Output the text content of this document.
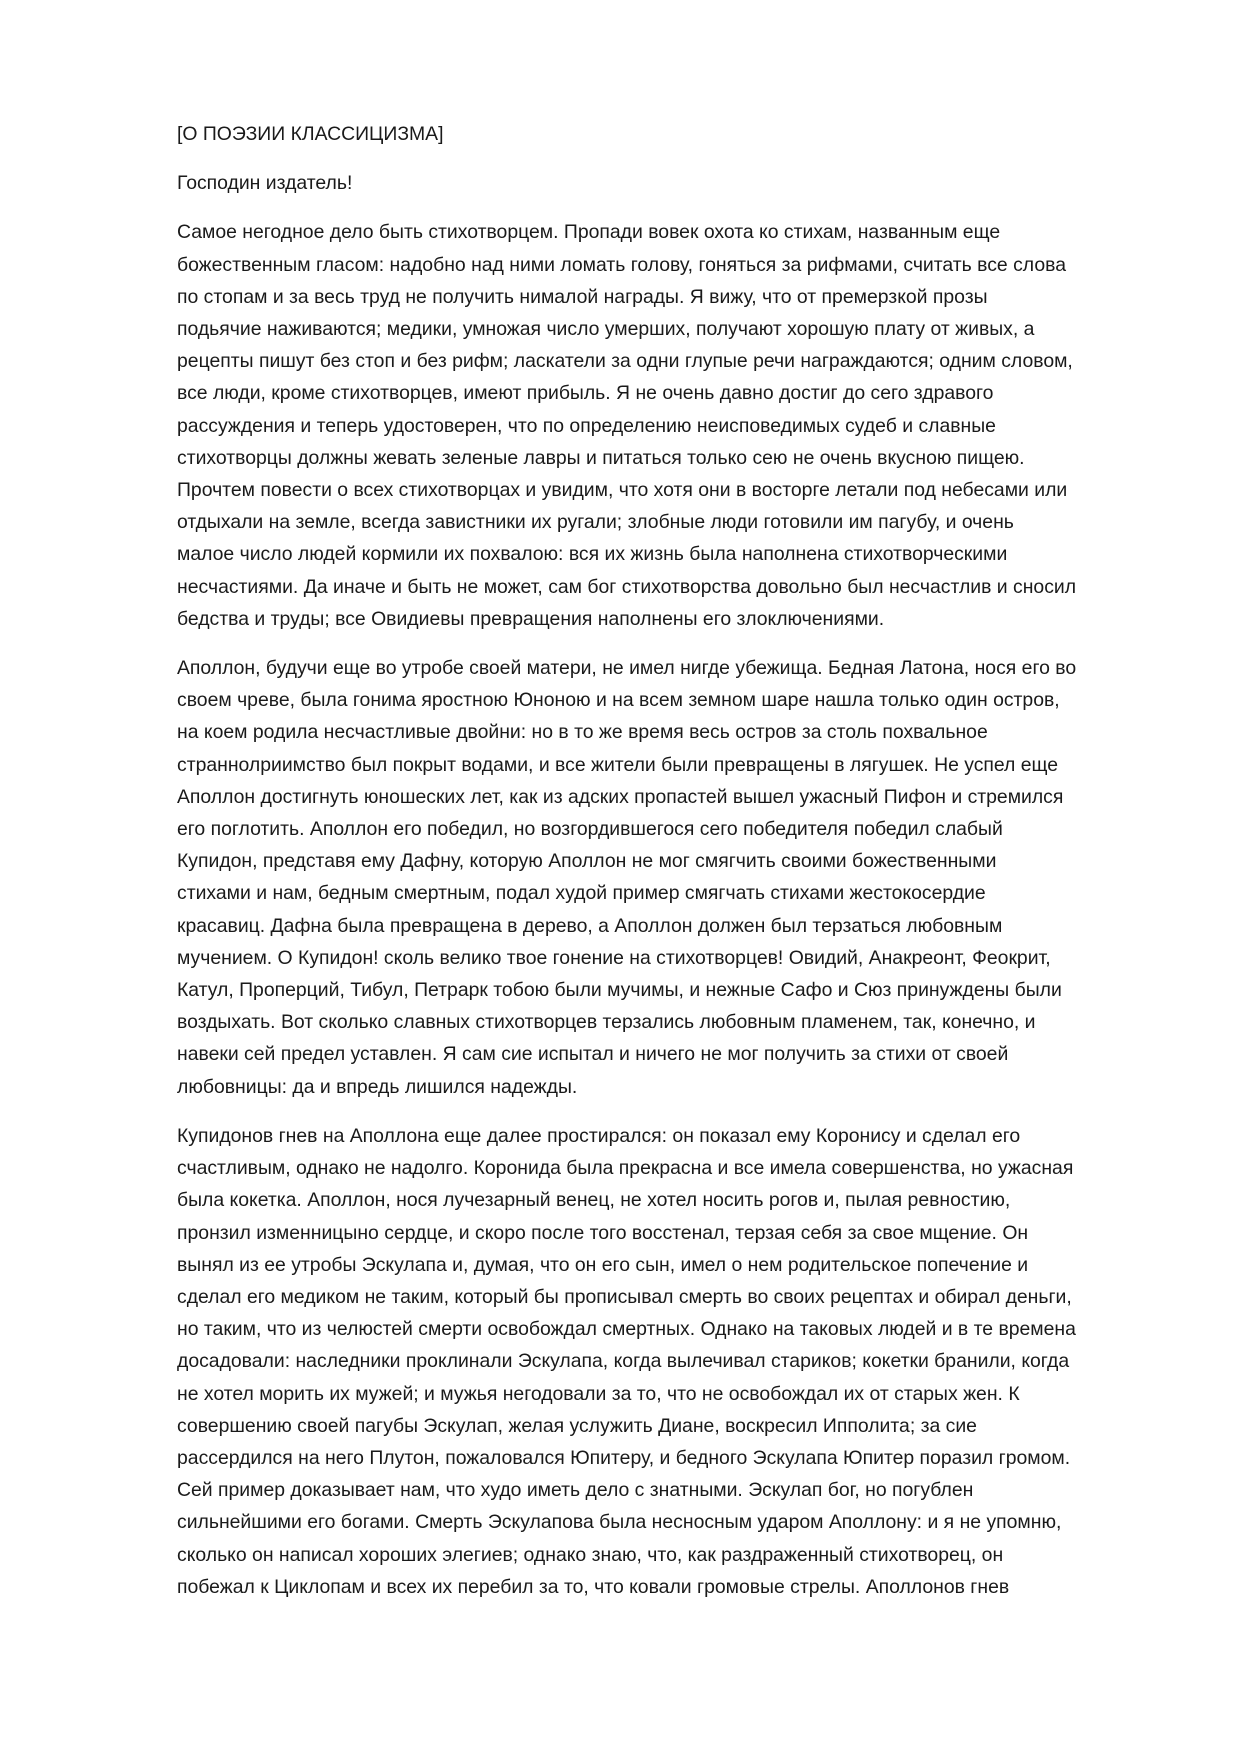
[О ПОЭЗИИ КЛАССИЦИЗМА]

Господин издатель!

Самое негодное дело быть стихотворцем. Пропади вовек охота ко стихам, названным еще
божественным гласом: надобно над ними ломать голову, гоняться за рифмами, считать все слова
по стопам и за весь труд не получить нималой награды. Я вижу, что от премерзкой прозы
подьячие наживаются; медики, умножая число умерших, получают хорошую плату от живых, а
рецепты пишут без стоп и без рифм; ласкатели за одни глупые речи награждаются; одним словом,
все люди, кроме стихотворцев, имеют прибыль. Я не очень давно достиг до сего здравого
рассуждения и теперь удостоверен, что по определению неисповедимых судеб и славные
стихотворцы должны жевать зеленые лавры и питаться только сею не очень вкусною пищею.
Прочтем повести о всех стихотворцах и увидим, что хотя они в восторге летали под небесами или
отдыхали на земле, всегда завистники их ругали; злобные люди готовили им пагубу, и очень
малое число людей кормили их похвалою: вся их жизнь была наполнена стихотворческими
несчастиями. Да иначе и быть не может, сам бог стихотворства довольно был несчастлив и сносил
бедства и труды; все Овидиевы превращения наполнены его злоключениями.

Аполлон, будучи еще во утробе своей матери, не имел нигде убежища. Бедная Латона, нося его во
своем чреве, была гонима яростною Юноною и на всем земном шаре нашла только один остров,
на коем родила несчастливые двойни: но в то же время весь остров за столь похвальное
страннолриимство был покрыт водами, и все жители были превращены в лягушек. Не успел еще
Аполлон достигнуть юношеских лет, как из адских пропастей вышел ужасный Пифон и стремился
его поглотить. Аполлон его победил, но возгордившегося сего победителя победил слабый
Купидон, представя ему Дафну, которую Аполлон не мог смягчить своими божественными
стихами и нам, бедным смертным, подал худой пример смягчать стихами жестокосердие
красавиц. Дафна была превращена в дерево, а Аполлон должен был терзаться любовным
мучением. О Купидон! сколь велико твое гонение на стихотворцев! Овидий, Анакреонт, Феокрит,
Катул, Проперций, Тибул, Петрарк тобою были мучимы, и нежные Сафо и Сюз принуждены были
воздыхать. Вот сколько славных стихотворцев терзались любовным пламенем, так, конечно, и
навеки сей предел уставлен. Я сам сие испытал и ничего не мог получить за стихи от своей
любовницы: да и впредь лишился надежды.

Купидонов гнев на Аполлона еще далее простирался: он показал ему Коронису и сделал его
счастливым, однако не надолго. Коронида была прекрасна и все имела совершенства, но ужасная
была кокетка. Аполлон, нося лучезарный венец, не хотел носить рогов и, пылая ревностию,
пронзил изменницыно сердце, и скоро после того восстенал, терзая себя за свое мщение. Он
вынял из ее утробы Эскулапа и, думая, что он его сын, имел о нем родительское попечение и
сделал его медиком не таким, который бы прописывал смерть во своих рецептах и обирал деньги,
но таким, что из челюстей смерти освобождал смертных. Однако на таковых людей и в те времена
досадовали: наследники проклинали Эскулапа, когда вылечивал стариков; кокетки бранили, когда
не хотел морить их мужей; и мужья негодовали за то, что не освобождал их от старых жен. К
совершению своей пагубы Эскулап, желая услужить Диане, воскресил Ипполита; за сие
рассердился на него Плутон, пожаловался Юпитеру, и бедного Эскулапа Юпитер поразил громом.
Сей пример доказывает нам, что худо иметь дело с знатными. Эскулап бог, но погублен
сильнейшими его богами. Смерть Эскулапова была несносным ударом Аполлону: и я не упомню,
сколько он написал хороших элегиев; однако знаю, что, как раздраженный стихотворец, он
побежал к Циклопам и всех их перебил за то, что ковали громовые стрелы. Аполлонов гнев
